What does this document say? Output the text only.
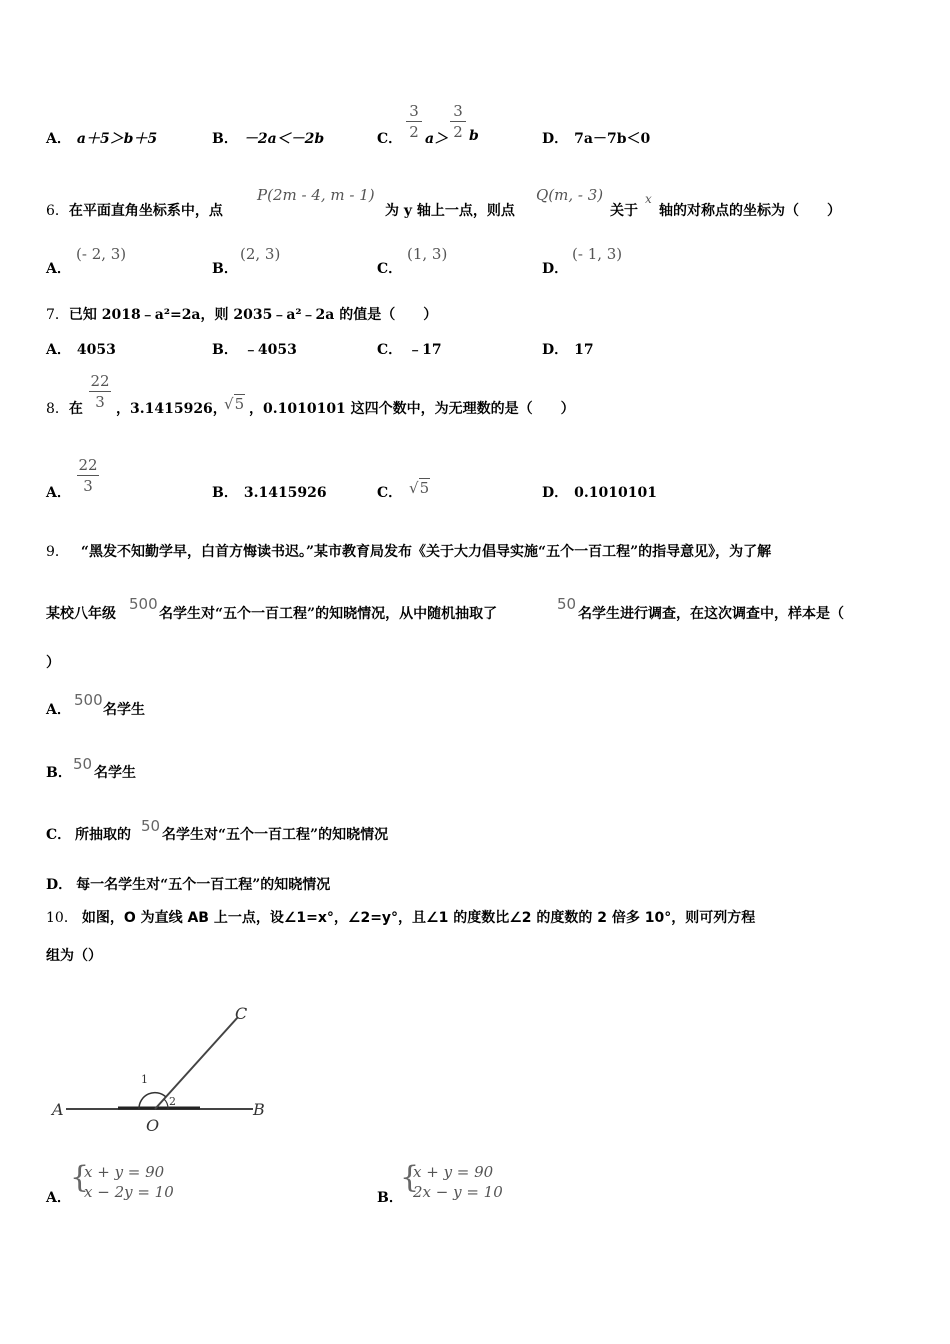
A． a＋5＞b＋5	B． －2a＜－2b	C．
3
2 a＞
3
2 b	D． 7a－7b＜0
6．在平面直角坐标系中，点
P(2m - 4, m - 1)
为 y 轴上一点，则点
Q(m, - 3)
关于
x
轴的对称点的坐标为（　　）
A．
(- 2, 3)
B．
(2, 3)
C．
(1, 3)
D．
(- 1, 3)
7．已知 2018﹣a²=2a，则 2035﹣a²﹣2a 的值是（　　）
A． 4053	B． ﹣4053	C． ﹣17	D． 17
8．在
22
3 ，3.1415926，
√5 ，0.1010101 这四个数中，为无理数的是（　　）
A．
22
3	B． 3.1415926	C． √5	D． 0.1010101
9． “黑发不知勤学早，白首方悔读书迟。”某市教育局发布《关于大力倡导实施“五个一百工程”的指导意见》，为了解
某校八年级
500
名学生对“五个一百工程”的知晓情况，从中随机抽取了
50
名学生进行调查，在这次调查中，样本是（
）
A．
500
名学生
B． 50 名学生
C． 所抽取的 50 名学生对“五个一百工程”的知晓情况
D． 每一名学生对“五个一百工程”的知晓情况
10． 如图，O 为直线 AB 上一点，设∠1=x°，∠2=y°，且∠1 的度数比∠2 的度数的 2 倍多 10°，则可列方程
组为（）
A	B
C
O
1
2
A．
{
x + y = 90
x − 2y = 10	B．
{
x + y = 90
2x − y = 10
